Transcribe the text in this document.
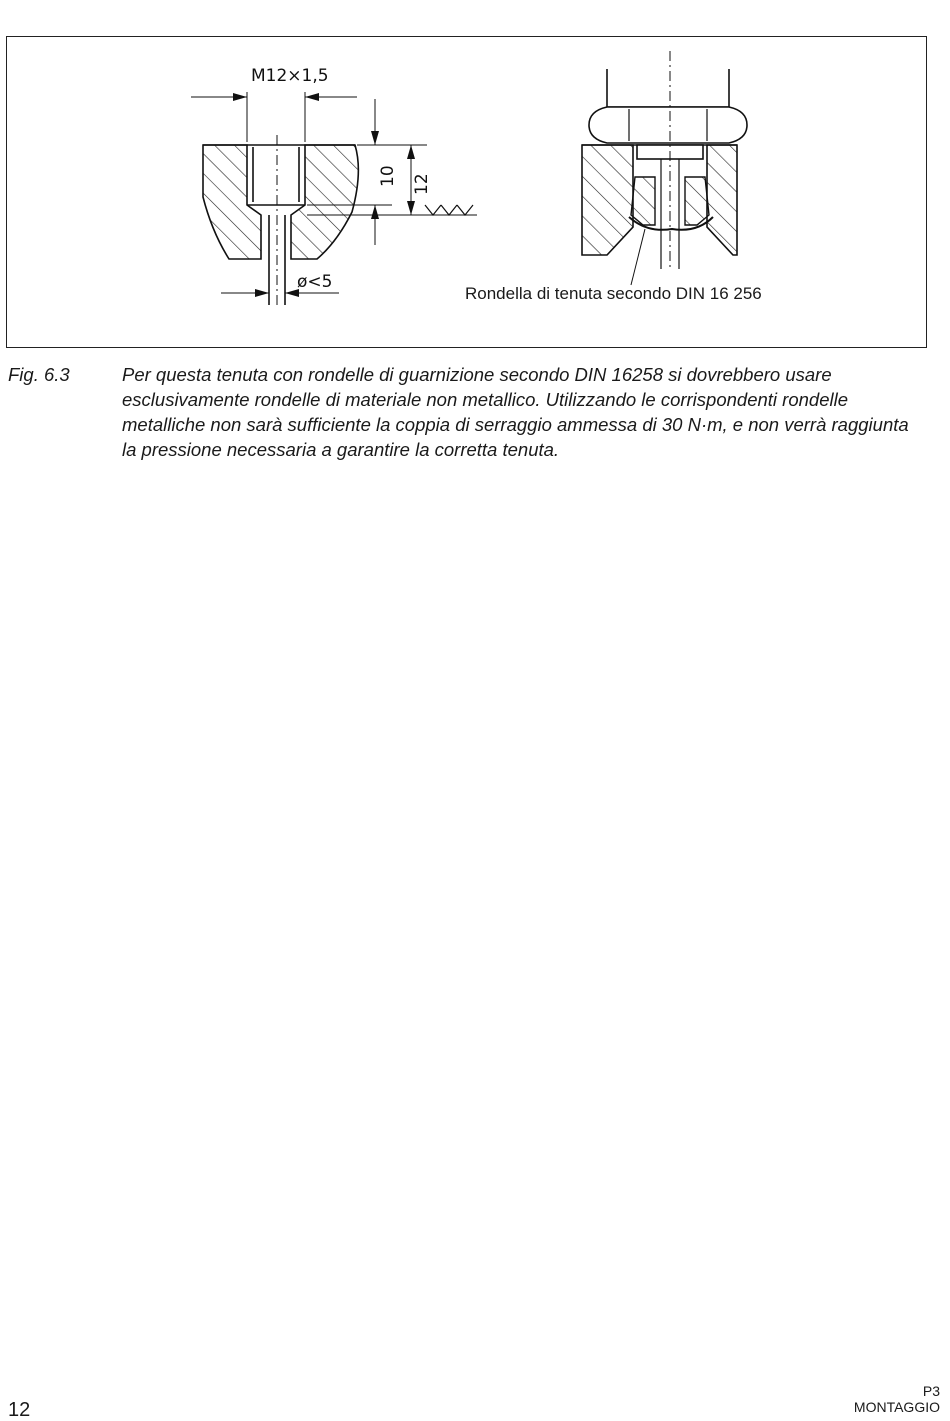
M12×1,5
10 12
ø<5
Rondella di tenuta secondo DIN 16 256
Fig. 6.3	Per questa tenuta con rondelle di guarnizione secondo DIN 16258 si dovrebbero usare esclusivamente rondelle di materiale non metallico. Utilizzando le corrispondenti rondelle metalliche non sarà sufficiente la coppia di serraggio ammessa di 30 N·m, e non verrà raggiunta la pressione necessaria a garantire la corretta tenuta.
12
P3
MONTAGGIO
